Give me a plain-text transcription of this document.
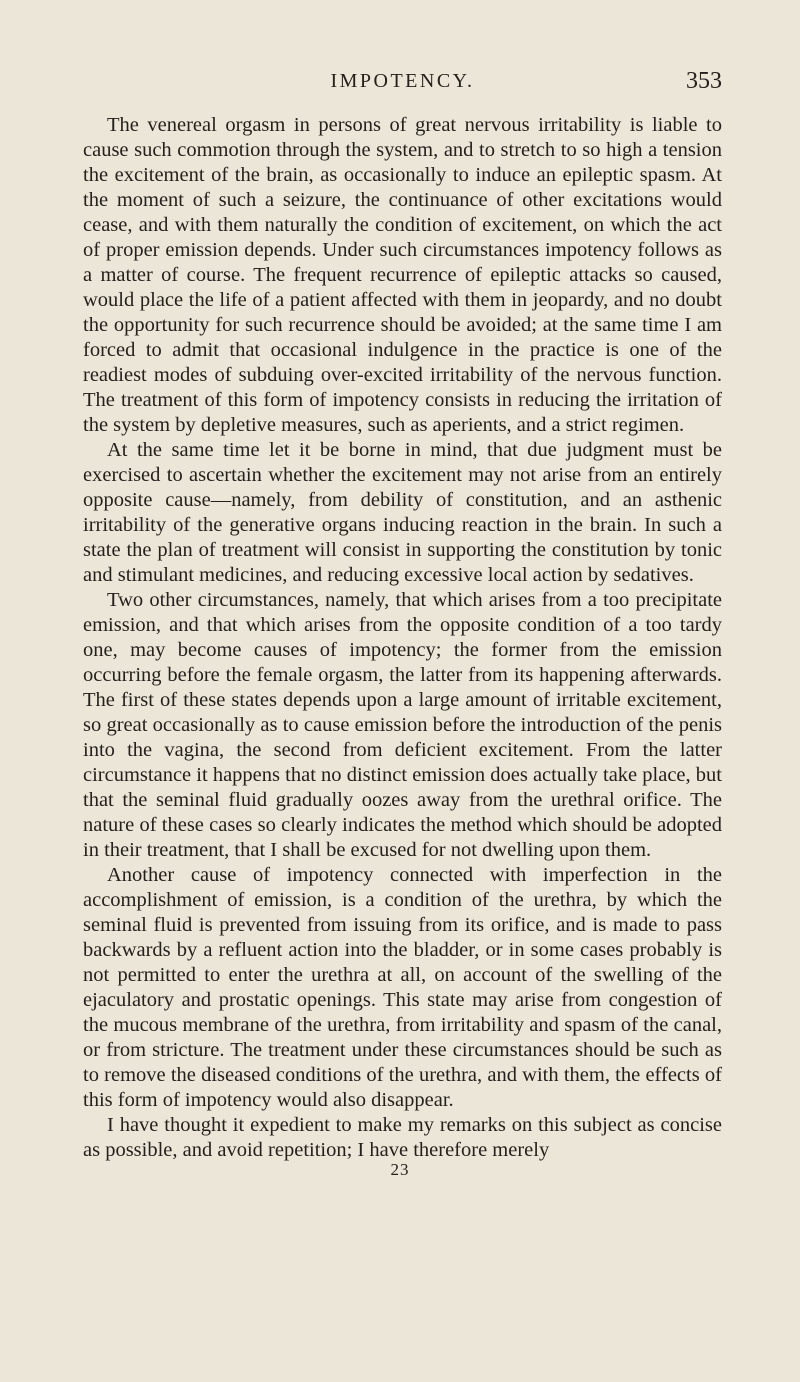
IMPOTENCY.	353

The venereal orgasm in persons of great nervous irritability is liable to cause such commotion through the system, and to stretch to so high a tension the excitement of the brain, as occasionally to induce an epileptic spasm. At the moment of such a seizure, the continuance of other excitations would cease, and with them naturally the condition of excitement, on which the act of proper emission depends. Under such circumstances impotency follows as a matter of course. The frequent recurrence of epileptic attacks so caused, would place the life of a patient affected with them in jeopardy, and no doubt the opportunity for such recurrence should be avoided; at the same time I am forced to admit that occasional indulgence in the practice is one of the readiest modes of subduing over-excited irritability of the nervous function. The treatment of this form of impotency consists in reducing the irritation of the system by depletive measures, such as aperients, and a strict regimen.

At the same time let it be borne in mind, that due judgment must be exercised to ascertain whether the excitement may not arise from an entirely opposite cause—namely, from debility of constitution, and an asthenic irritability of the generative organs inducing reaction in the brain. In such a state the plan of treatment will consist in supporting the constitution by tonic and stimulant medicines, and reducing excessive local action by sedatives.

Two other circumstances, namely, that which arises from a too precipitate emission, and that which arises from the opposite condition of a too tardy one, may become causes of impotency; the former from the emission occurring before the female orgasm, the latter from its happening afterwards. The first of these states depends upon a large amount of irritable excitement, so great occasionally as to cause emission before the introduction of the penis into the vagina, the second from deficient excitement. From the latter circumstance it happens that no distinct emission does actually take place, but that the seminal fluid gradually oozes away from the urethral orifice. The nature of these cases so clearly indicates the method which should be adopted in their treatment, that I shall be excused for not dwelling upon them.

Another cause of impotency connected with imperfection in the accomplishment of emission, is a condition of the urethra, by which the seminal fluid is prevented from issuing from its orifice, and is made to pass backwards by a refluent action into the bladder, or in some cases probably is not permitted to enter the urethra at all, on account of the swelling of the ejaculatory and prostatic openings. This state may arise from congestion of the mucous membrane of the urethra, from irritability and spasm of the canal, or from stricture. The treatment under these circumstances should be such as to remove the diseased conditions of the urethra, and with them, the effects of this form of impotency would also disappear.

I have thought it expedient to make my remarks on this subject as concise as possible, and avoid repetition; I have therefore merely

23
